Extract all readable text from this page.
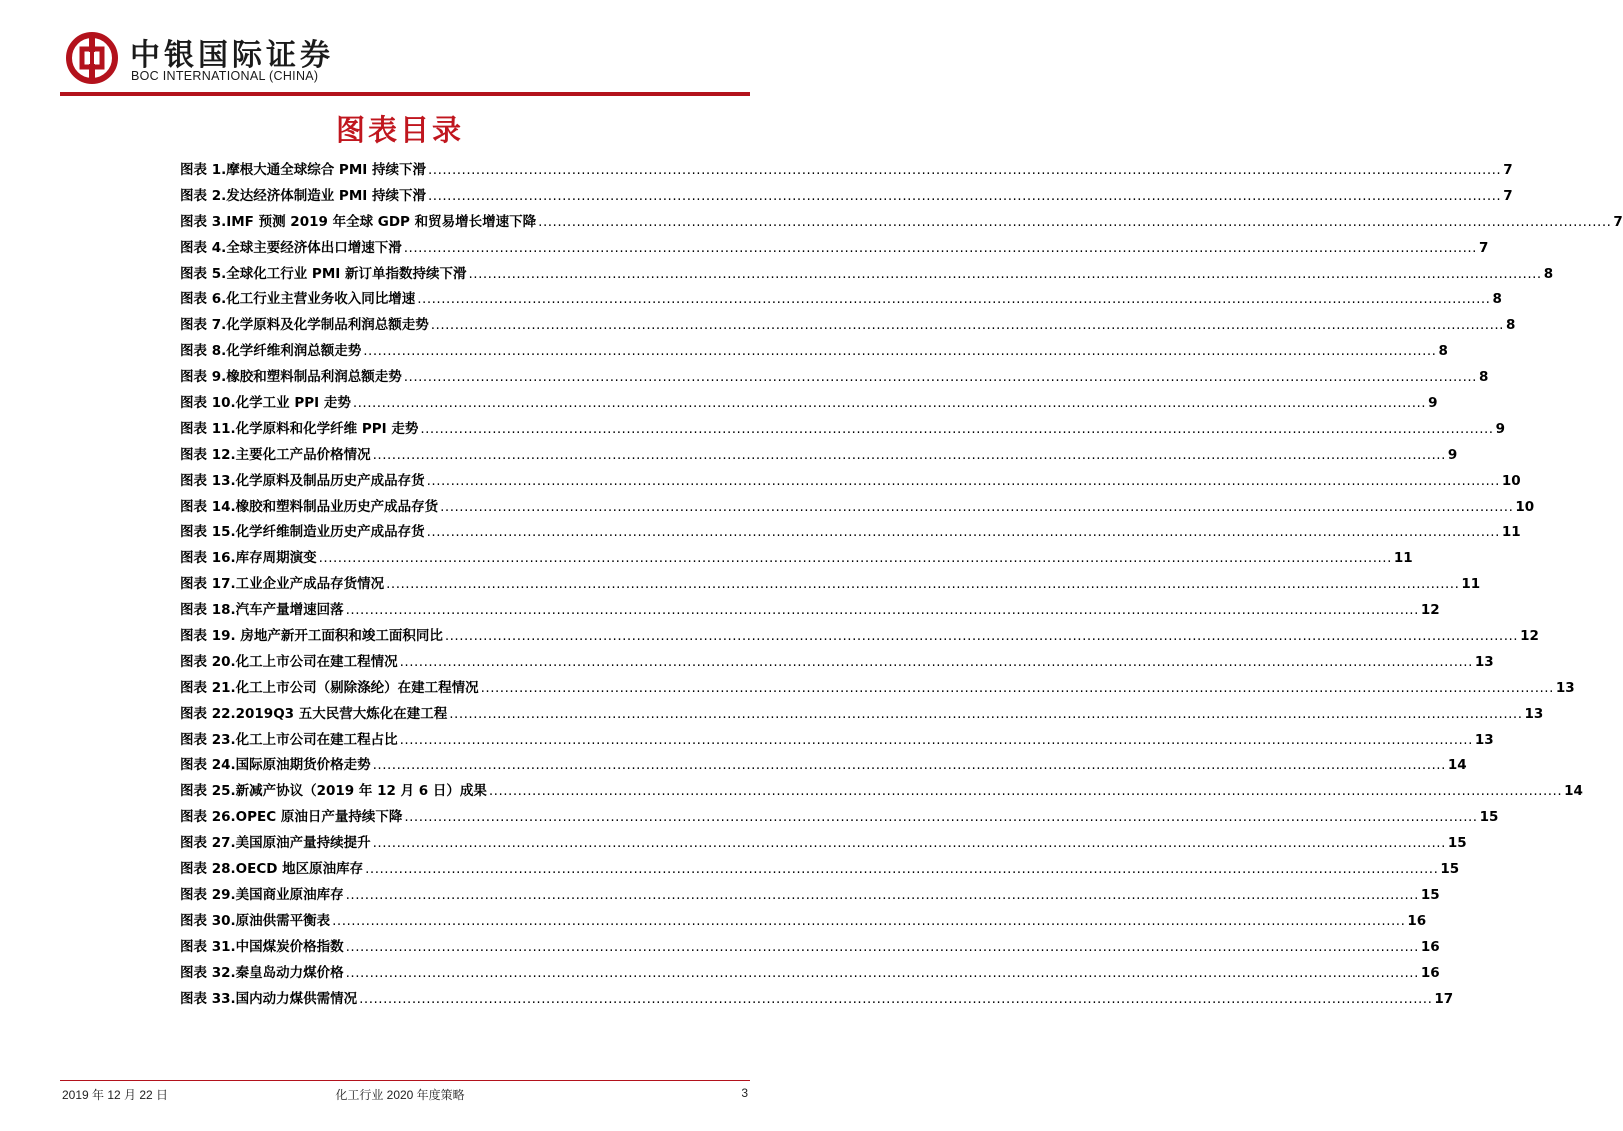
中银国际证券
BOC INTERNATIONAL (CHINA)
图表目录
图表 1.摩根大通全球综合 PMI 持续下滑 .....	7
图表 2.发达经济体制造业 PMI 持续下滑 .....	7
图表 3.IMF 预测 2019 年全球 GDP 和贸易增长增速下降 .....	7
图表 4.全球主要经济体出口增速下滑 .....	7
图表 5.全球化工行业 PMI 新订单指数持续下滑 .....	8
图表 6.化工行业主营业务收入同比增速 .....	8
图表 7.化学原料及化学制品利润总额走势 .....	8
图表 8.化学纤维利润总额走势 .....	8
图表 9.橡胶和塑料制品利润总额走势 .....	8
图表 10.化学工业 PPI 走势 .....	9
图表 11.化学原料和化学纤维 PPI 走势 .....	9
图表 12.主要化工产品价格情况 .....	9
图表 13.化学原料及制品历史产成品存货 .....	10
图表 14.橡胶和塑料制品业历史产成品存货 .....	10
图表 15.化学纤维制造业历史产成品存货 .....	11
图表 16.库存周期演变 .....	11
图表 17.工业企业产成品存货情况 .....	11
图表 18.汽车产量增速回落 .....	12
图表 19. 房地产新开工面积和竣工面积同比 .....	12
图表 20.化工上市公司在建工程情况 .....	13
图表 21.化工上市公司（剔除涤纶）在建工程情况 .....	13
图表 22.2019Q3 五大民营大炼化在建工程 .....	13
图表 23.化工上市公司在建工程占比 .....	13
图表 24.国际原油期货价格走势 .....	14
图表 25.新减产协议（2019 年 12 月 6 日）成果 .....	14
图表 26.OPEC 原油日产量持续下降 .....	15
图表 27.美国原油产量持续提升 .....	15
图表 28.OECD 地区原油库存 .....	15
图表 29.美国商业原油库存 .....	15
图表 30.原油供需平衡表 .....	16
图表 31.中国煤炭价格指数 .....	16
图表 32.秦皇岛动力煤价格 .....	16
图表 33.国内动力煤供需情况 .....	17
2019 年 12 月 22 日	化工行业 2020 年度策略	3
